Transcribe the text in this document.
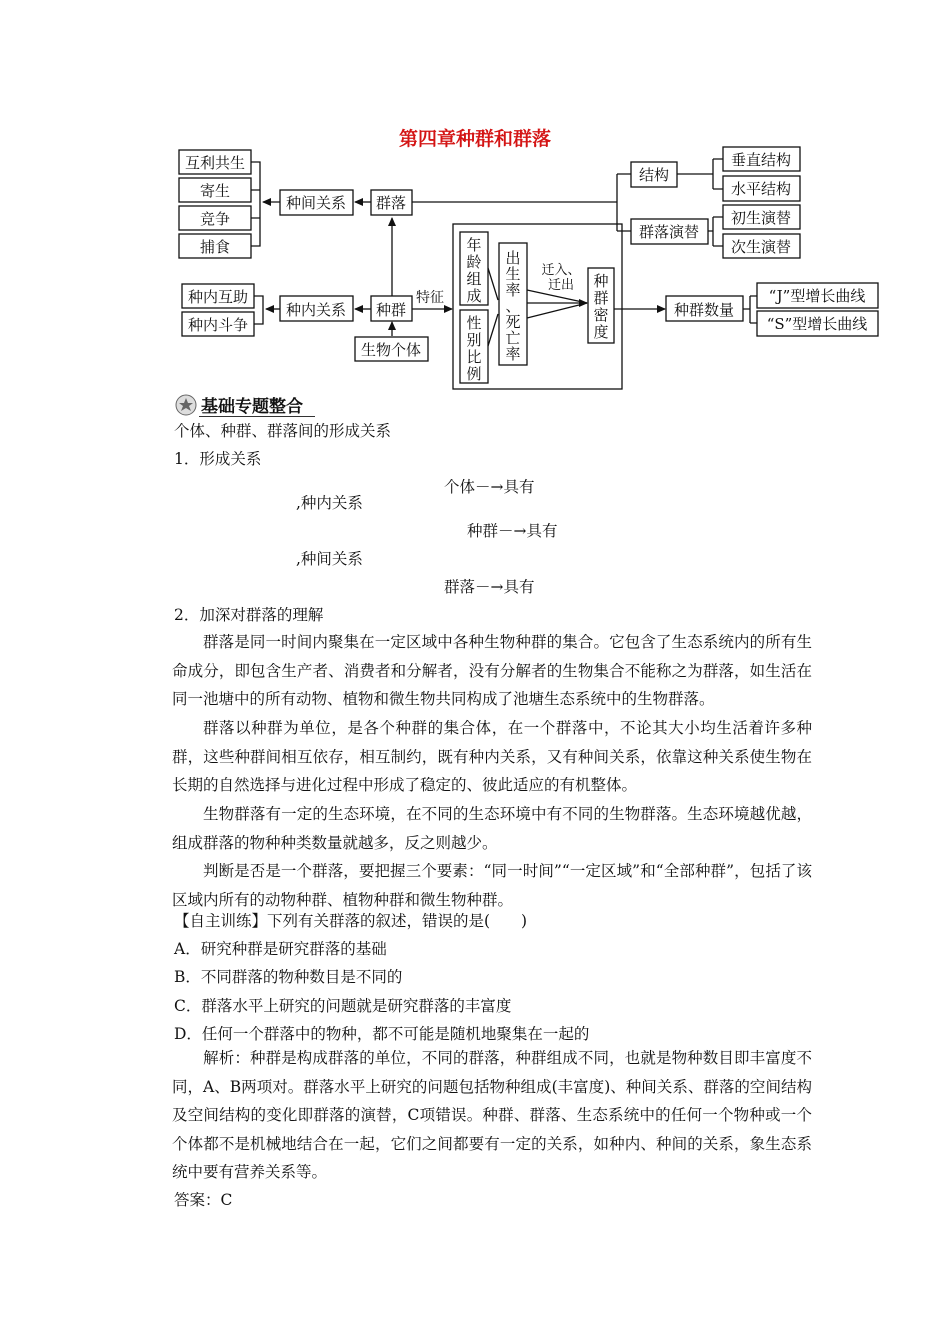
第四章种群和群落
互利共生
寄生
竞争
捕食
种间关系 群落
结构
群落演替
垂直结构
水平结构
初生演替
次生演替
种内互助
种内斗争
种内关系 种群
特征
生物个体
种群数量
“J”型增长曲线
“S”型增长曲线
年龄组成
性别比例
出生率、死亡率
种群密度
迁入、迁出
基础专题整合

个体、种群、群落间的形成关系

1．形成关系

个体－→具有

,种内关系

种群－→具有

,种间关系

群落－→具有

2．加深对群落的理解

群落是同一时间内聚集在一定区域中各种生物种群的集合。它包含了生态系统内的所有生命成分，即包含生产者、消费者和分解者，没有分解者的生物集合不能称之为群落，如生活在同一池塘中的所有动物、植物和微生物共同构成了池塘生态系统中的生物群落。

群落以种群为单位，是各个种群的集合体，在一个群落中，不论其大小均生活着许多种群，这些种群间相互依存，相互制约，既有种内关系，又有种间关系，依靠这种关系使生物在长期的自然选择与进化过程中形成了稳定的、彼此适应的有机整体。

生物群落有一定的生态环境，在不同的生态环境中有不同的生物群落。生态环境越优越，组成群落的物种种类数量就越多，反之则越少。

判断是否是一个群落，要把握三个要素：“同一时间”“一定区域”和“全部种群”，包括了该区域内所有的动物种群、植物种群和微生物种群。

【自主训练】下列有关群落的叙述，错误的是(　　)

A．研究种群是研究群落的基础

B．不同群落的物种数目是不同的

C．群落水平上研究的问题就是研究群落的丰富度

D．任何一个群落中的物种，都不可能是随机地聚集在一起的

解析：种群是构成群落的单位，不同的群落，种群组成不同，也就是物种数目即丰富度不同，A、B两项对。群落水平上研究的问题包括物种组成(丰富度)、种间关系、群落的空间结构及空间结构的变化即群落的演替，C项错误。种群、群落、生态系统中的任何一个物种或一个个体都不是机械地结合在一起，它们之间都要有一定的关系，如种内、种间的关系，象生态系统中要有营养关系等。

答案：C
